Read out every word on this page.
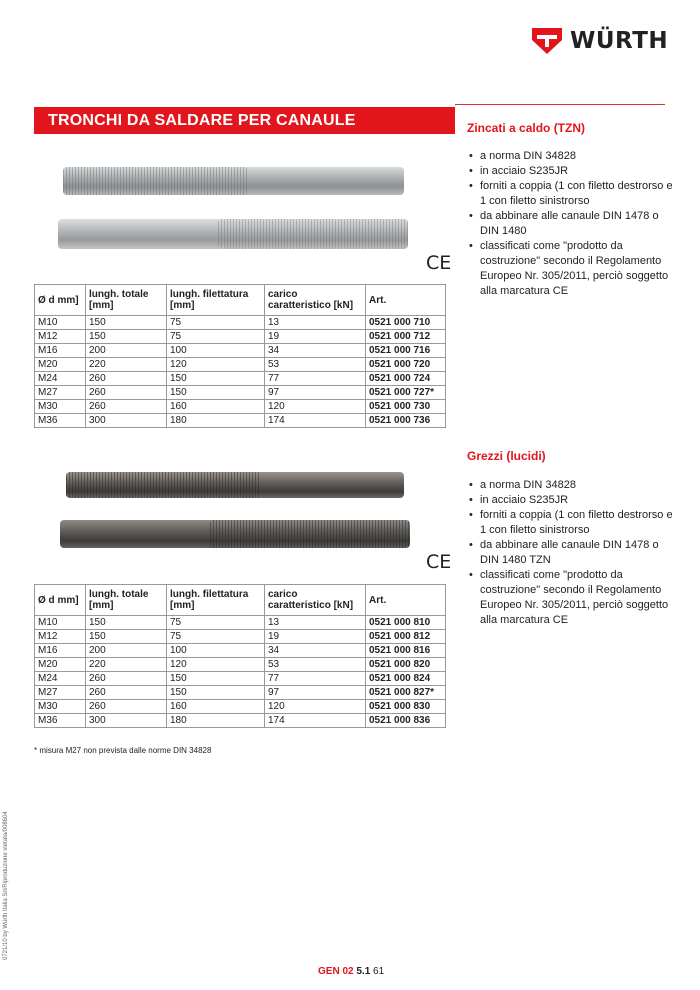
WÜRTH
TRONCHI DA SALDARE PER CANAULE
CE
Ø d mm]	lungh. totale [mm]	lungh. filettatura [mm]	carico caratteristico [kN]	Art.
M10	150	75	13	0521 000 710
M12	150	75	19	0521 000 712
M16	200	100	34	0521 000 716
M20	220	120	53	0521 000 720
M24	260	150	77	0521 000 724
M27	260	150	97	0521 000 727*
M30	260	160	120	0521 000 730
M36	300	180	174	0521 000 736
Zincati a caldo (TZN)
• a norma DIN 34828
• in acciaio S235JR
• forniti a coppia (1 con filetto destrorso e 1 con filetto sinistrorso
• da abbinare alle canaule DIN 1478 o DIN 1480
• classificati come "prodotto da costruzione" secondo il Regolamento Europeo Nr. 305/2011, perciò soggetto alla marcatura CE
CE
Ø d mm]	lungh. totale [mm]	lungh. filettatura [mm]	carico caratteristico [kN]	Art.
M10	150	75	13	0521 000 810
M12	150	75	19	0521 000 812
M16	200	100	34	0521 000 816
M20	220	120	53	0521 000 820
M24	260	150	77	0521 000 824
M27	260	150	97	0521 000 827*
M30	260	160	120	0521 000 830
M36	300	180	174	0521 000 836
Grezzi (lucidi)
• a norma DIN 34828
• in acciaio S235JR
• forniti a coppia (1 con filetto destrorso e 1 con filetto sinistrorso
• da abbinare alle canaule DIN 1478 o DIN 1480 TZN
• classificati come "prodotto da costruzione" secondo il Regolamento Europeo Nr. 305/2011, perciò soggetto alla marcatura CE
* misura M27 non prevista dalle norme DIN 34828
0721/10 by Würth Italia Srl/Riproduzione vietata/008604
GEN 02 5.1 61
